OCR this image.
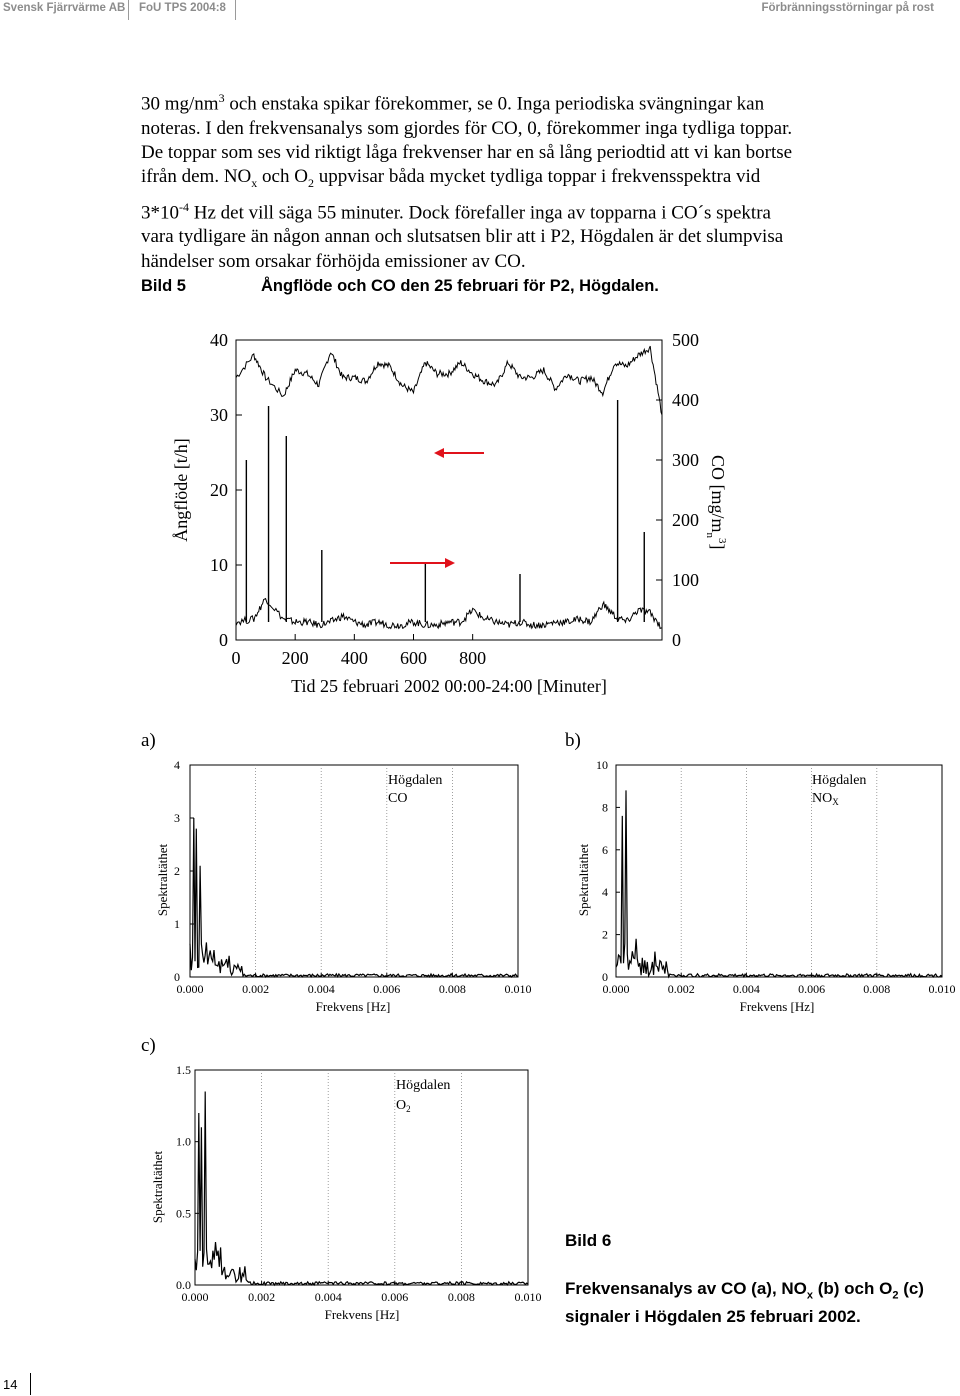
Svensk Fjärrvärme AB FoU TPS 2004:8	Förbränningsstörningar på rost

30 $mg/nm^3$ och enstaka spikar förekommer, se 0. Inga periodiska svängningar kan

noteras. I den frekvensanalys som gjordes för CO, 0, förekommer inga tydliga toppar.

De toppar som ses vid riktigt låga frekvenser har en så lång periodtid att vi kan bortse

ifrån dem. $NO_x$ och $O_2$ uppvisar båda mycket tydliga toppar i frekvensspektra vid

$3*10^{-4}$ Hz det vill säga 55 minuter. Dock förefaller inga av topparna i CO´s spektra

vara tydligare än någon annan och slutsatsen blir att i P2, Högdalen är det slumpvisa

händelser som orsakar förhöjda emissioner av CO.

Bild 5	Ångflöde och CO den 25 februari för P2, Högdalen.
0 200 400 600 800
0
10
20
30
40
0
100
200
300
400
500
Ångflöde [t/h]
Tid 25 februari 2002 00:00-24:00 [Minuter]
CO $[mg/m_n^3]$
a)	b)
c)
Högdalen
CO
Spektraltäthet
Frekvens [Hz]
0.000	0.002	0.004	0.006	0.008	0.010
0
1
2
3
4
Högdalen
$NO_X$
Spektraltäthet
Frekvens [Hz]
0.000	0.002	0.004	0.006	0.008	0.010
0
2
4
6
8
10
Högdalen
$O_2$
Spektraltäthet
Frekvens [Hz]
0.000	0.002	0.004	0.006	0.008	0.010
0.0
0.5
1.0
1.5
Bild 6
Frekvensanalys av CO (a), $NO_x$ (b) och $O_2$ (c)
signaler i Högdalen 25 februari 2002.
14
